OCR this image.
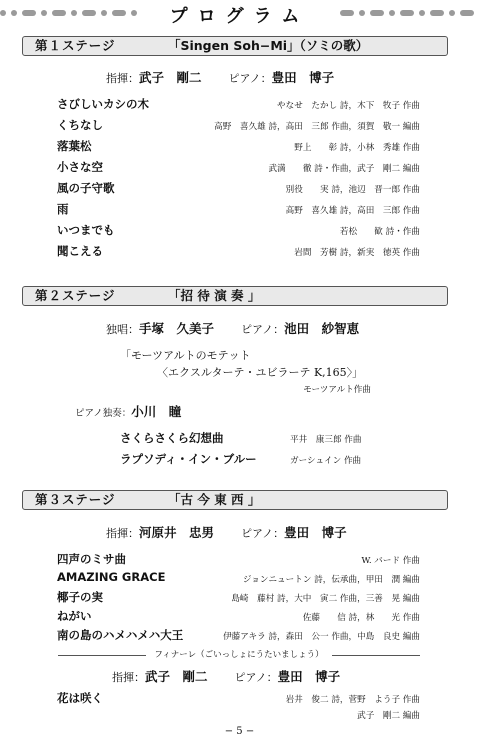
プログラム
第１ステージ	「Singen Soh−Mi」（ソミの歌）
指揮：武子　剛二 ピアノ：豊田　博子
さびしいカシの木	やなせ　たかし 詩，木下　牧子 作曲
くちなし	高野　喜久雄 詩，高田　三郎 作曲，須賀　敬一 編曲
落葉松	野上　　彰 詩，小林　秀雄 作曲
小さな空	武満　　徹 詩・作曲，武子　剛二 編曲
風の子守歌	別役　　実 詩，池辺　晋一郎 作曲
雨	高野　喜久雄 詩，高田　三郎 作曲
いつまでも	若松　　歓 詩・作曲
聞こえる	岩間　芳樹 詩，新実　徳英 作曲
第２ステージ	「招 待 演 奏 」
独唱：手塚　久美子 ピアノ：池田　紗智恵
「モーツアルトのモテット
〈エクスルターテ・ユビラーテ K,165〉」
モーツアルト作曲
ピアノ独奏：小川　瞳
さくらさくら幻想曲	平井　康三郎 作曲
ラプソディ・イン・ブルー	ガーシュイン 作曲
第３ステージ	「古 今 東 西 」
指揮：河原井　忠男 ピアノ：豊田　博子
四声のミサ曲	W. バード 作曲
AMAZING GRACE	ジョンニュートン 詩，伝承曲，甲田　潤 編曲
椰子の実	島崎　藤村 詩，大中　寅二 作曲，三善　晃 編曲
ねがい	佐藤　　信 詩，林　　光 作曲
南の島のハメハメハ大王	伊藤アキラ 詩，森田　公一 作曲，中島　良史 編曲
フィナーレ（ごいっしょにうたいましょう）
指揮：武子　剛二 ピアノ：豊田　博子
花は咲く	岩井　俊二 詩，菅野　よう子 作曲
武子　剛二 編曲
− 5 −
